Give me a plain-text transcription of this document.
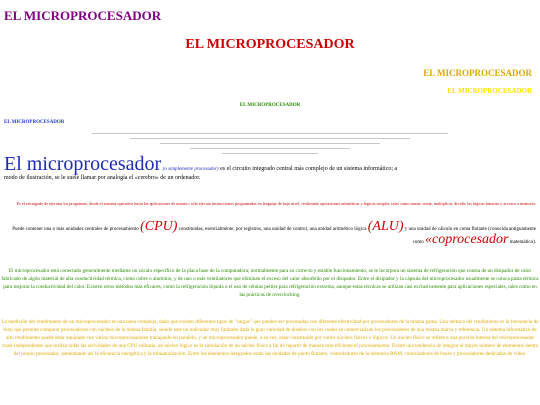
EL MICROPROCESADOR
EL MICROPROCESADOR
EL MICROPROCESADOR
EL MICROPROCESADOR
EL MICROPROCESADOR
EL MICROPROCESADOR
El microprocesador (o simplemente procesador) es el circuito integrado central más complejo de un sistema informático; a modo de ilustración, se le suele llamar por analogía el «cerebro» de un ordenador.
Es el encargado de ejecutar los programas, desde el sistema operativo hasta las aplicaciones de usuario; sólo ejecuta instrucciones programadas en lenguaje de bajo nivel, realizando operaciones aritméticas y lógicas simples, tales como sumar, restar, multiplicar, dividir, las lógicas binarias y accesos a memoria.
Puede contener una o más unidades centrales de procesamiento (CPU) constituidas, esencialmente, por registros, una unidad de control, una unidad aritmético lógica (ALU) y una unidad de cálculo en coma flotante (conocida antiguamente como «coprocesador matemático).
El microprocesador está conectado generalmente mediante un zócalo específico de la placa base de la computadora; normalmente para su correcto y estable funcionamiento, se le incorpora un sistema de refrigeración que consta de un disipador de calor fabricado de algún material de alta conductividad térmica, como cobre o aluminio, y de uno o más ventiladores que eliminan el exceso del calor absorbido por el disipador. Entre el disipador y la cápsula del microprocesador usualmente se coloca pasta térmica para mejorar la conductividad del calor. Existen otros métodos más eficaces, como la refrigeración líquida o el uso de células peltier para refrigeración extrema, aunque estas técnicas se utilizan casi exclusivamente para aplicaciones especiales, tales como en las prácticas de overclocking.
La medición del rendimiento de un microprocesador es una tarea compleja, dado que existen diferentes tipos de "cargas" que pueden ser procesadas con diferente efectividad por procesadores de la misma gama. Una métrica del rendimiento es la frecuencia de reloj que permite comparar procesadores con núcleos de la misma familia, siendo este un indicador muy limitado dada la gran variedad de diseños con los cuales se comercializan los procesadores de una misma marca y referencia. Un sistema informático de alto rendimiento puede estar equipado con varios microprocesadores trabajando en paralelo, y un microprocesador puede, a su vez, estar constituido por varios núcleos físicos o lógicos. Un núcleo físico se refiere a una porción interna del microprocesador cuasi-independiente que realiza todas las actividades de una CPU solitaria, un núcleo lógico es la simulación de un núcleo físico a fin de repartir de manera más eficiente el procesamiento. Existe una tendencia de integrar el mayor número de elementos dentro del propio procesador, aumentando así la eficiencia energética y la miniaturización. Entre los elementos integrados están las unidades de punto flotante, controladores de la memoria RAM, controladores de buses y procesadores dedicados de vídeo.
